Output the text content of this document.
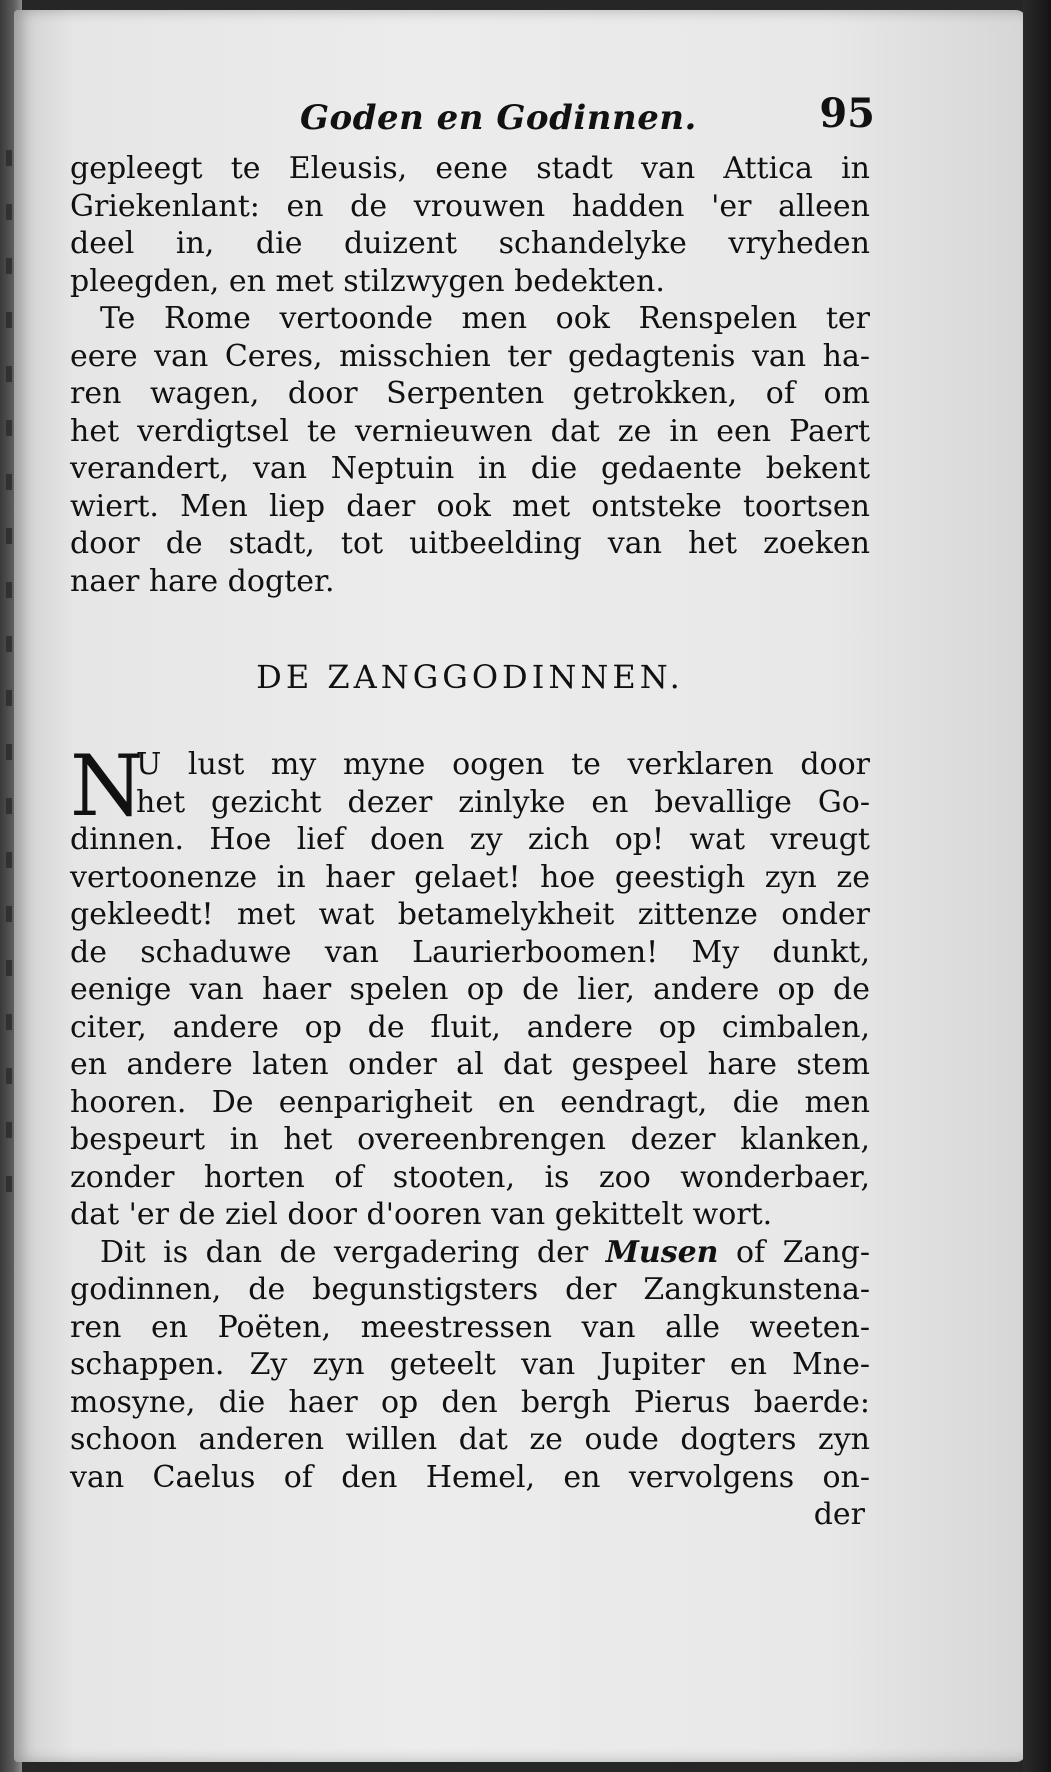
Goden en Godinnen.	95
gepleegt te Eleusis, eene stadt van Attica in
Griekenlant: en de vrouwen hadden 'er alleen
deel in, die duizent schandelyke vryheden
pleegden, en met stilzwygen bedekten.
Te Rome vertoonde men ook Renspelen ter
eere van Ceres, misschien ter gedagtenis van ha-
ren wagen, door Serpenten getrokken, of om
het verdigtsel te vernieuwen dat ze in een Paert
verandert, van Neptuin in die gedaente bekent
wiert. Men liep daer ook met ontsteke toortsen
door de stadt, tot uitbeelding van het zoeken
naer hare dogter.
DE ZANGGODINNEN.
N
U lust my myne oogen te verklaren door
het gezicht dezer zinlyke en bevallige Go-
dinnen. Hoe lief doen zy zich op! wat vreugt
vertoonenze in haer gelaet! hoe geestigh zyn ze
gekleedt! met wat betamelykheit zittenze onder
de schaduwe van Laurierboomen! My dunkt,
eenige van haer spelen op de lier, andere op de
citer, andere op de fluit, andere op cimbalen,
en andere laten onder al dat gespeel hare stem
hooren. De eenparigheit en eendragt, die men
bespeurt in het overeenbrengen dezer klanken,
zonder horten of stooten, is zoo wonderbaer,
dat 'er de ziel door d'ooren van gekittelt wort.
Dit is dan de vergadering der Musen of Zang-
godinnen, de begunstigsters der Zangkunstena-
ren en Poëten, meestressen van alle weeten-
schappen. Zy zyn geteelt van Jupiter en Mne-
mosyne, die haer op den bergh Pierus baerde:
schoon anderen willen dat ze oude dogters zyn
van Caelus of den Hemel, en vervolgens on-
der
